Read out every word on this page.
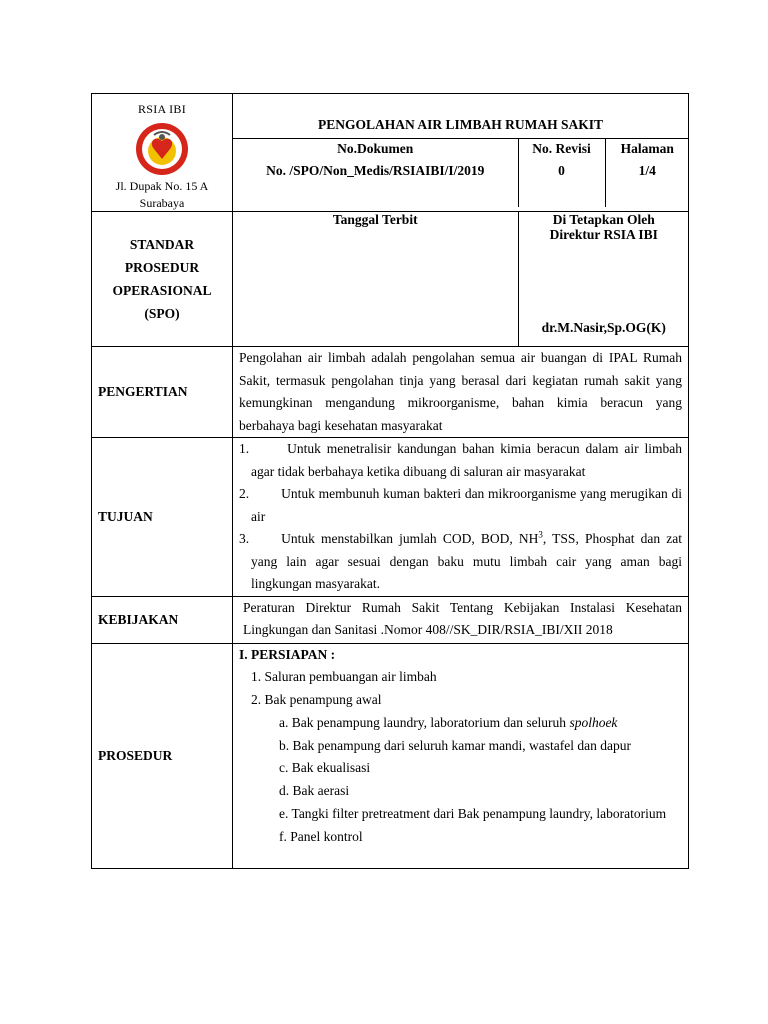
RSIA IBI
Jl. Dupak No. 15 A
Surabaya

PENGOLAHAN AIR LIMBAH RUMAH SAKIT
No.Dokumen
No. /SPO/Non_Medis/RSIAIBI/I/2019

No. Revisi
0

Halaman
1/4

STANDAR
PROSEDUR
OPERASIONAL
(SPO)

Tanggal Terbit	Di Tetapkan Oleh
Direktur RSIA IBI
dr.M.Nasir,Sp.OG(K)

PENGERTIAN	Pengolahan air limbah adalah pengolahan semua air buangan di IPAL Rumah Sakit, termasuk pengolahan tinja yang berasal dari kegiatan rumah sakit yang kemungkinan mengandung mikroorganisme, bahan kimia beracun yang berbahaya bagi kesehatan masyarakat
TUJUAN	
1.	Untuk menetralisir kandungan bahan kimia beracun dalam air limbah agar tidak berbahaya ketika dibuang di saluran air masyarakat
2. Untuk membunuh kuman bakteri dan mikroorganisme yang merugikan di air
3. Untuk menstabilkan jumlah COD, BOD, $NH^3$, TSS, Phosphat dan zat yang lain agar sesuai dengan baku mutu limbah cair yang aman bagi lingkungan masyarakat.

KEBIJAKAN	Peraturan Direktur Rumah Sakit Tentang Kebijakan Instalasi Kesehatan Lingkungan dan Sanitasi .Nomor 408//SK_DIR/RSIA_IBI/XII 2018
PROSEDUR	
I. PERSIAPAN :
1. Saluran pembuangan air limbah
2. Bak penampung awal
a. Bak penampung laundry, laboratorium dan seluruh spolhoek
b. Bak penampung dari seluruh kamar mandi, wastafel dan dapur
c. Bak ekualisasi
d. Bak aerasi
e. Tangki filter pretreatment dari Bak penampung laundry, laboratorium
f. Panel kontrol
